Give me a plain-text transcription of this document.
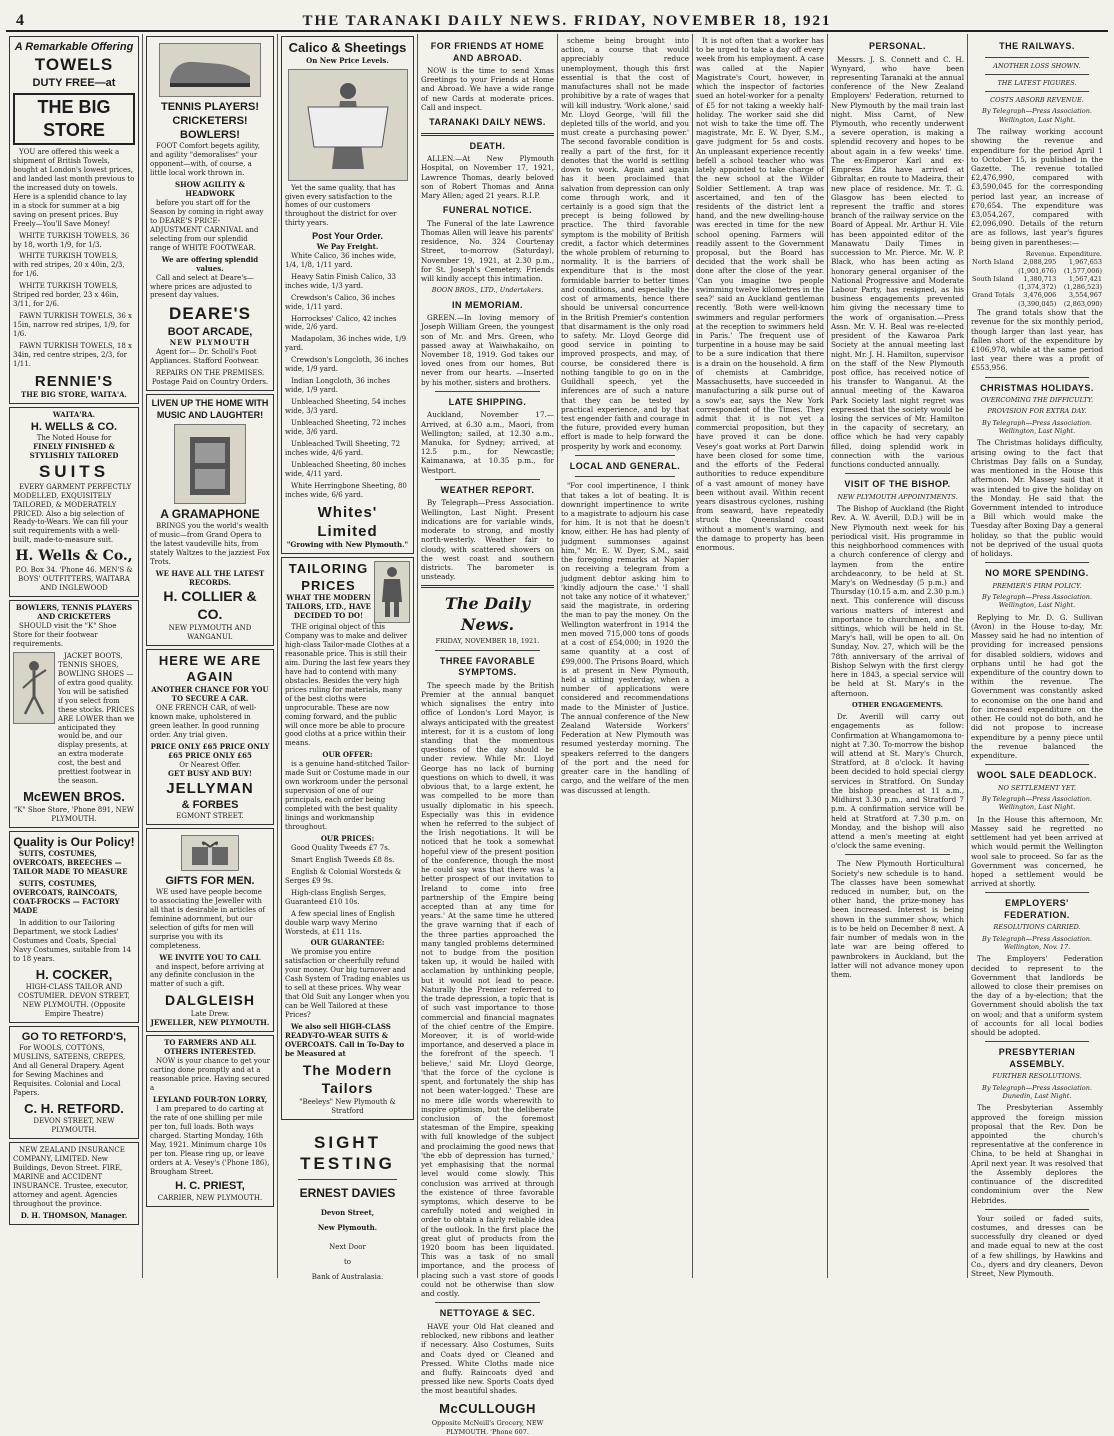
4	THE TARANAKI DAILY NEWS. FRIDAY, NOVEMBER 18, 1921
A Remarkable Offering
TOWELS
DUTY FREE—at
THE BIG STORE

YOU are offered this week a shipment of British Towels, bought at London's lowest prices, and landed last month previous to the increased duty on towels. Here is a splendid chance to lay in a stock for summer at a big saving on present prices. Buy Freely—You'll Save Money!

WHITE TURKISH TOWELS, 36 by 18, worth 1/9, for 1/3.

WHITE TURKISH TOWELS, with red stripes, 20 x 40in, 2/3, for 1/6.

WHITE TURKISH TOWELS, Striped red border, 23 x 46in, 3/11, for 2/6.

FAWN TURKISH TOWELS, 36 x 15in, narrow red stripes, 1/9, for 1/6.

FAWN TURKISH TOWELS, 18 x 34in, red centre stripes, 2/3, for 1/11.

RENNIE'S
THE BIG STORE, WAITA'A.
WAITA'RA.
H. WELLS & CO.
The Noted House for
FINELY FINISHED & STYLISHLY TAILORED
SUITS

EVERY GARMENT PERFECTLY MODELLED, EXQUISITELY TAILORED, & MODERATELY PRICED. Also a big selection of Ready-to-Wears. We can fill your suit requirements with a well-built, made-to-measure suit.

H. Wells & Co.,
P.O. Box 34. 'Phone 46. MEN'S & BOYS' OUTFITTERS, WAITARA AND INGLEWOOD
BOWLERS, TENNIS PLAYERS AND CRICKETERS

SHOULD visit the "K" Shoe Store for their footwear requirements.

JACKET BOOTS, TENNIS SHOES, BOWLING SHOES — of extra good quality. You will be satisfied if you select from these stocks. PRICES ARE LOWER than we anticipated they would be, and our display presents, at an extra moderate cost, the best and prettiest footwear in the season.

McEWEN BROS.
"K" Shoe Store, 'Phone 891, NEW PLYMOUTH.
Quality is Our Policy!

SUITS, COSTUMES, OVERCOATS, BREECHES — TAILOR MADE TO MEASURE

SUITS, COSTUMES, OVERCOATS, RAINCOATS, COAT-FROCKS — FACTORY MADE

In addition to our Tailoring Department, we stock Ladies' Costumes and Coats, Special Navy Costumes, suitable from 14 to 18 years.

H. COCKER,
HIGH-CLASS TAILOR AND COSTUMIER. DEVON STREET, NEW PLYMOUTH. (Opposite Empire Theatre)
GO TO RETFORD'S,

For WOOLS, COTTONS, MUSLINS, SATEENS, CREPES, And all General Drapery. Agent for Sewing Machines and Requisites. Colonial and Local Papers.

C. H. RETFORD.
DEVON STREET, NEW PLYMOUTH.

NEW ZEALAND INSURANCE COMPANY, LIMITED. New Buildings, Devon Street. FIRE, MARINE and ACCIDENT INSURANCE. Trustee, executor, attorney and agent. Agencies throughout the province.

D. H. THOMSON, Manager.
TENNIS PLAYERS!
CRICKETERS!
BOWLERS!

FOOT Comfort begets agility, and agility "demoralises" your opponent—with, of course, a little local work thrown in.

SHOW AGILITY & HEADWORK

before you start off for the Season by coming in right away to DEARE'S PRICE-ADJUSTMENT CARNIVAL and selecting from our splendid range of WHITE FOOTWEAR.

We are offering splendid values.

Call and select at Deare's—where prices are adjusted to present day values.

DEARE'S
BOOT ARCADE,
NEW PLYMOUTH

Agent for— Dr. Scholl's Foot Appliances. Stafford Footwear.

REPAIRS ON THE PREMISES. Postage Paid on Country Orders.
LIVEN UP THE HOME WITH MUSIC AND LAUGHTER!
A GRAMAPHONE

BRINGS you the world's wealth of music—from Grand Opera to the latest vaudeville hits, from stately Waltzes to the jazziest Fox Trots.

WE HAVE ALL THE LATEST RECORDS.
H. COLLIER & CO.
NEW PLYMOUTH AND WANGANUI.
HERE WE ARE AGAIN
ANOTHER CHANCE FOR YOU TO SECURE A CAR.

ONE FRENCH CAR, of well-known make, upholstered in green leather. In good running order. Any trial given.

PRICE ONLY £65 PRICE ONLY £65 PRICE ONLY £65
Or Nearest Offer.
GET BUSY AND BUY!
JELLYMAN
& FORBES
EGMONT STREET.
GIFTS FOR MEN.

WE used have people become to associating the Jeweller with all that is desirable in articles of feminine adornment, but our selection of gifts for men will surprise you with its completeness.

WE INVITE YOU TO CALL

and inspect, before arriving at any definite conclusion in the matter of such a gift.

DALGLEISH
Late Drew.
JEWELLER, NEW PLYMOUTH.
TO FARMERS AND ALL OTHERS INTERESTED.

NOW is your chance to get your carting done promptly and at a reasonable price. Having secured a

LEYLAND FOUR-TON LORRY,

I am prepared to do carting at the rate of one shilling per mile per ton, full loads. Both ways charged. Starting Monday, 16th May, 1921. Minimum charge 10s per ton. Please ring up, or leave orders at A. Vesey's ('Phone 186), Brougham Street.

H. C. PRIEST,
CARRIER, NEW PLYMOUTH.
Calico & Sheetings
On New Price Levels.

Yet the same quality, that has given every satisfaction to the homes of our customers throughout the district for over thirty years.

Post Your Order.
We Pay Freight.

White Calico, 36 inches wide, 1/4, 1/8, 1/11 yard.

Heavy Satin Finish Calico, 33 inches wide, 1/3 yard.

Crewdson's Calico, 36 inches wide, 1/11 yard.

Horrockses' Calico, 42 inches wide, 2/6 yard.

Madapolam, 36 inches wide, 1/9 yard.

Crewdson's Longcloth, 36 inches wide, 1/9 yard.

Indian Longcloth, 36 inches wide, 1/9 yard.

Unbleached Sheeting, 54 inches wide, 3/3 yard.

Unbleached Sheeting, 72 inches wide, 3/6 yard.

Unbleached Twill Sheeting, 72 inches wide, 4/6 yard.

Unbleached Sheeting, 80 inches wide, 4/11 yard.

White Herringbone Sheeting, 80 inches wide, 6/6 yard.

Whites' Limited
"Growing with New Plymouth."
TAILORING PRICES
WHAT THE MODERN TAILORS, LTD., HAVE DECIDED TO DO!

THE original object of this Company was to make and deliver high-class Tailor-made Clothes at a reasonable price. This is still their aim. During the last few years they have had to contend with many obstacles. Besides the very high prices ruling for materials, many of the best cloths were unprocurable. These are now coming forward, and the public will once more be able to procure good cloths at a price within their means.

OUR OFFER:

is a genuine hand-stitched Tailor-made Suit or Costume made in our own workroom under the personal supervision of one of our principals, each order being completed with the best quality linings and workmanship throughout.

OUR PRICES:

Good Quality Tweeds £7 7s.

Smart English Tweeds £8 8s.

English & Colonial Worsteds & Serges £9 9s.

High-class English Serges, Guaranteed £10 10s.

A few special lines of English double warp wavy Merino Worsteds, at £11 11s.

OUR GUARANTEE:

We promise you entire satisfaction or cheerfully refund your money. Our big turnover and Cash System of Trading enables us to sell at these prices. Why wear that Old Suit any Longer when you can be Well Tailored at these Prices?

We also sell HIGH-CLASS READY-TO-WEAR SUITS & OVERCOATS. Call in To-Day to be Measured at

The Modern Tailors
"Beeleys" New Plymouth & Stratford
SIGHT
TESTING
ERNEST DAVIES
Devon Street,
New Plymouth.
Next Door
to
Bank of Australasia.
FOR FRIENDS AT HOME AND ABROAD.

NOW is the time to send Xmas Greetings to your Friends at Home and Abroad. We have a wide range of new Cards at moderate prices. Call and inspect.

TARANAKI DAILY NEWS.
DEATH.

ALLEN.—At New Plymouth Hospital, on November 17, 1921, Lawrence Thomas, dearly beloved son of Robert Thomas and Anna Mary Allen; aged 21 years. R.I.P.

FUNERAL NOTICE.

The Funeral of the late Lawrence Thomas Allen will leave his parents' residence, No. 324 Courtenay Street, to-morrow (Saturday), November 19, 1921, at 2.30 p.m., for St. Joseph's Cemetery. Friends will kindly accept this intimation.

BOON BROS., LTD., Undertakers.
IN MEMORIAM.

GREEN.—In loving memory of Joseph William Green, the youngest son of Mr. and Mrs. Green, who passed away at Waiwhakaiho, on November 18, 1919. God takes our loved ones from our homes, But never from our hearts. —Inserted by his mother, sisters and brothers.

LATE SHIPPING.

Auckland, November 17.—Arrived, at 6.30 a.m., Maori, from Wellington; sailed, at 12.30 a.m., Manuka, for Sydney; arrived, at 12.5 p.m., for Newcastle; Kaimanawa, at 10.35 p.m., for Westport.

WEATHER REPORT.

By Telegraph—Press Association. Wellington, Last Night. Present indications are for variable winds, moderate to strong, and mostly north-westerly. Weather fair to cloudy, with scattered showers on the west coast and southern districts. The barometer is unsteady.

The Daily News.
FRIDAY, NOVEMBER 18, 1921.
THREE FAVORABLE SYMPTOMS.

The speech made by the British Premier at the annual banquet which signalises the entry into office of London's Lord Mayor, is always anticipated with the greatest interest, for it is a custom of long standing that the momentous questions of the day should be under review. While Mr. Lloyd George has no lack of burning questions on which to dwell, it was obvious that, to a large extent, he was compelled to be more than usually diplomatic in his speech. Especially was this in evidence when he referred to the subject of the Irish negotiations. It will be noticed that he took a somewhat hopeful view of the present position of the conference, though the most he could say was that there was 'a better prospect of our invitation to Ireland to come into free partnership of the Empire being accepted than at any time for years.' At the same time he uttered the grave warning that if each of the three parties approached the many tangled problems determined not to budge from the position taken up, it would be hailed with acclamation by unthinking people, but it would not lead to peace. Naturally the Premier referred to the trade depression, a topic that is of such vast importance to those commercial and financial magnates of the chief centre of the Empire. Moreover, it is of world-wide importance, and deserved a place in the forefront of the speech. 'I believe,' said Mr. Lloyd George, 'that the force of the cyclone is spent, and fortunately the ship has not been water-logged.' These are no mere idle words wherewith to inspire optimism, but the deliberate conclusion of the foremost statesman of the Empire, speaking with full knowledge of the subject and proclaiming the good news that 'the ebb of depression has turned,' yet emphasising that the normal level would come slowly. This conclusion was arrived at through the existence of three favorable symptoms, which deserve to be carefully noted and weighed in order to obtain a fairly reliable idea of the outlook. In the first place the great glut of products from the 1920 boom has been liquidated. This was a task of no small importance, and the process of placing such a vast store of goods could not be otherwise than slow and costly.

NETTOYAGE & SEC.

HAVE your Old Hat cleaned and reblocked, new ribbons and leather if necessary. Also Costumes, Suits and Coats dyed or Cleaned and Pressed. White Cloths made nice and fluffy. Raincoats dyed and pressed like new. Sports Coats dyed the most beautiful shades.

McCULLOUGH
Opposite McNeill's Grocery, NEW PLYMOUTH. 'Phone 607.

scheme being brought into action, a course that would appreciably reduce unemployment, though this first essential is that the cost of manufactures shall not be made prohibitive by a rate of wages that will kill industry. 'Work alone,' said Mr. Lloyd George, 'will fill the depleted tills of the world, and you must create a purchasing power.' The second favorable condition is really a part of the first, for it denotes that the world is settling down to work. Again and again has it been proclaimed that salvation from depression can only come through work, and it certainly is a good sign that the precept is being followed by practice. The third favorable symptom is the mobility of British credit, a factor which determines the whole problem of returning to normality. It is the barriers of expenditure that is the most formidable barrier to better times and conditions, and especially the cost of armaments, hence there should be universal concurrence in the British Premier's contention that disarmament is the only road to safety. Mr. Lloyd George did good service in pointing to improved prospects, and may, of course, be considered there is nothing tangible to go on in the Guildhall speech, yet the inferences are of such a nature that they can be tested by practical experience, and by that test engender faith and courage in the future, provided every human effort is made to help forward the prosperity by work and economy.

LOCAL AND GENERAL.

"For cool impertinence, I think that takes a lot of beating. It is downright impertinence to write to a magistrate to adjourn his case for him. It is not that he doesn't know, either. He has had plenty of judgment summonses against him," Mr. E. W. Dyer, S.M., said the foregoing remarks at Napier on receiving a telegram from a judgment debtor asking him to 'kindly adjourn the case.' 'I shall not take any notice of it whatever,' said the magistrate, in ordering the man to pay the money. On the Wellington waterfront in 1914 the men moved 715,000 tons of goods at a cost of £54,000; in 1920 the same quantity at a cost of £99,000. The Prisons Board, which is at present in New Plymouth, held a sitting yesterday, when a number of applications were considered and recommendations made to the Minister of Justice. The annual conference of the New Zealand Waterside Workers' Federation at New Plymouth was resumed yesterday morning. The speakers referred to the dangers of the port and the need for greater care in the handling of cargo, and the welfare of the men was discussed at length.

It is not often that a worker has to be urged to take a day off every week from his employment. A case was called at the Napier Magistrate's Court, however, in which the inspector of factories sued an hotel-worker for a penalty of £5 for not taking a weekly half-holiday. The worker said she did not wish to take the time off. The magistrate, Mr. E. W. Dyer, S.M., gave judgment for 5s and costs. An unpleasant experience recently befell a school teacher who was lately appointed to take charge of the new school at the Wilder Soldier Settlement. A trap was ascertained, and ten of the residents of the district lent a hand, and the new dwelling-house was erected in time for the new school opening. Farmers will readily assent to the Government proposal, but the Board has decided that the work shall be done after the close of the year. 'Can you imagine two people swimming twelve kilometres in the sea?' said an Auckland gentleman recently. 'Both were well-known swimmers and regular performers at the reception to swimmers held in Paris.' The frequent use of turpentine in a house may be said to be a sure indication that there is a drain on the household. A firm of chemists at Cambridge, Massachusetts, have succeeded in manufacturing a silk purse out of a sow's ear, says the New York correspondent of the Times. They admit that it is not yet a commercial proposition, but they have proved it can be done. Vesey's goat works at Port Darwin have been closed for some time, and the efforts of the Federal authorities to reduce expenditure of a vast amount of money have been without avail. Within recent years disastrous cyclones, rushing from seaward, have repeatedly struck the Queensland coast without a moment's warning, and the damage to property has been enormous.

PERSONAL.

Messrs. J. S. Connett and C. H. Wynyard, who have been representing Taranaki at the annual conference of the New Zealand Employers' Federation, returned to New Plymouth by the mail train last night. Miss Carnt, of New Plymouth, who recently underwent a severe operation, is making a splendid recovery and hopes to be about again in a few weeks' time. The ex-Emperor Karl and ex-Empress Zita have arrived at Gibraltar, en route to Madeira, their new place of residence. Mr. T. G. Glasgow has been elected to represent the traffic and stores branch of the railway service on the Board of Appeal. Mr. Arthur H. Vile has been appointed editor of the Manawatu Daily Times in succession to Mr. Pierce. Mr. W. P. Black, who has been acting as honorary general organiser of the National Progressive and Moderate Labour Party, has resigned, as his business engagements prevented him giving the necessary time to the work of organisation.—Press Assn. Mr. V. H. Beal was re-elected president of the Kawaroa Park Society at the annual meeting last night. Mr. J. H. Hamilton, supervisor on the staff of the New Plymouth post office, has received notice of his transfer to Wanganui. At the annual meeting of the Kawaroa Park Society last night regret was expressed that the society would be losing the services of Mr. Hamilton in the capacity of secretary, an office which he had very capably filled, doing splendid work in connection with the various functions conducted annually.

VISIT OF THE BISHOP.
NEW PLYMOUTH APPOINTMENTS.

The Bishop of Auckland (the Right Rev. A. W. Averill, D.D.) will be in New Plymouth next week for his periodical visit. His programme in this neighborhood commences with a church conference of clergy and laymen from the entire archdeaconry, to be held at St. Mary's on Wednesday (5 p.m.) and Thursday (10.15 a.m. and 2.30 p.m.) next. This conference will discuss various matters of interest and importance to churchmen, and the sittings, which will be held in St. Mary's hall, will be open to all. On Sunday, Nov. 27, which will be the 78th anniversary of the arrival of Bishop Selwyn with the first clergy here in 1843, a special service will be held at St. Mary's in the afternoon.

OTHER ENGAGEMENTS.

Dr. Averill will carry out engagements as follow: Confirmation at Whangamomona to-night at 7.30. To-morrow the bishop will attend at St. Mary's Church, Stratford, at 8 o'clock. It having been decided to hold special clergy services in Stratford. On Sunday the bishop preaches at 11 a.m., Midhirst 3.30 p.m., and Stratford 7 p.m. A confirmation service will be held at Stratford at 7.30 p.m. on Monday, and the bishop will also attend a men's meeting at eight o'clock the same evening.

The New Plymouth Horticultural Society's new schedule is to hand. The classes have been somewhat reduced in number, but, on the other hand, the prize-money has been increased. Interest is being shown in the summer show, which is to be held on December 8 next. A fair number of medals won in the late war are being offered to pawnbrokers in Auckland, but the latter will not advance money upon them.

THE RAILWAYS.
ANOTHER LOSS SHOWN.
THE LATEST FIGURES.
COSTS ABSORB REVENUE.
By Telegraph—Press Association. Wellington, Last Night.

The railway working account showing the revenue and expenditure for the period April 1 to October 15, is published in the Gazette. The revenue totalled £2,476,990, compared with £3,590,045 for the corresponding period last year, an increase of £70,654. The expenditure was £3,054,267, compared with £2,096,090. Details of the return are as follows, last year's figures being given in parentheses:—

	Revenue.	Expenditure.
North Island	2,088,295	1,967,653
	(1,901,676)	(1,577,006)
South Island	1,380,713	1,567,421
	(1,374,372)	(1,286,523)
Grand Totals	3,476,006	3,554,967
	(3,390,045)	(2,863,090)

The grand totals show that the revenue for the six monthly period, though larger than last year, has fallen short of the expenditure by £106,978, while at the same period last year there was a profit of £553,956.

CHRISTMAS HOLIDAYS.
OVERCOMING THE DIFFICULTY.
PROVISION FOR EXTRA DAY.
By Telegraph—Press Association. Wellington, Last Night.

The Christmas holidays difficulty, arising owing to the fact that Christmas Day falls on a Sunday, was mentioned in the House this afternoon. Mr. Massey said that it was intended to give the holiday on the Monday. He said that the Government intended to introduce a Bill which would make the Tuesday after Boxing Day a general holiday, so that the public would not be deprived of the usual quota of holidays.

NO MORE SPENDING.
PREMIER'S FIRM POLICY.
By Telegraph—Press Association. Wellington, Last Night.

Replying to Mr. D. G. Sullivan (Avon) in the House to-day, Mr. Massey said he had no intention of providing for increased pensions for disabled soldiers, widows and orphans until he had got the expenditure of the country down to within the revenue. The Government was constantly asked to economise on the one hand and for increased expenditure on the other. He could not do both, and he did not propose to increase expenditure by a penny piece until the revenue balanced the expenditure.

WOOL SALE DEADLOCK.
NO SETTLEMENT YET.
By Telegraph—Press Association. Wellington, Last Night.

In the House this afternoon, Mr. Massey said he regretted no settlement had yet been arrived at which would permit the Wellington wool sale to proceed. So far as the Government was concerned, he hoped a settlement would be arrived at shortly.

EMPLOYERS' FEDERATION.
RESOLUTIONS CARRIED.
By Telegraph—Press Association. Wellington, Nov. 17.

The Employers' Federation decided to represent to the Government that landlords be allowed to close their premises on the day of a by-election; that the Government should abolish the tax on wool; and that a uniform system of accounts for all local bodies should be adopted.

PRESBYTERIAN ASSEMBLY.
FURTHER RESOLUTIONS.
By Telegraph—Press Association. Dunedin, Last Night.

The Presbyterian Assembly approved the foreign mission proposal that the Rev. Don be appointed the church's representative at the conference in China, to be held at Shanghai in April next year. It was resolved that the Assembly deplores the continuance of the discredited condominium over the New Hebrides.

Your soiled or faded suits, costumes, and dresses can be successfully dry cleaned or dyed and made equal to new at the cost of a few shillings, by Hawkins and Co., dyers and dry cleaners, Devon Street, New Plymouth.
